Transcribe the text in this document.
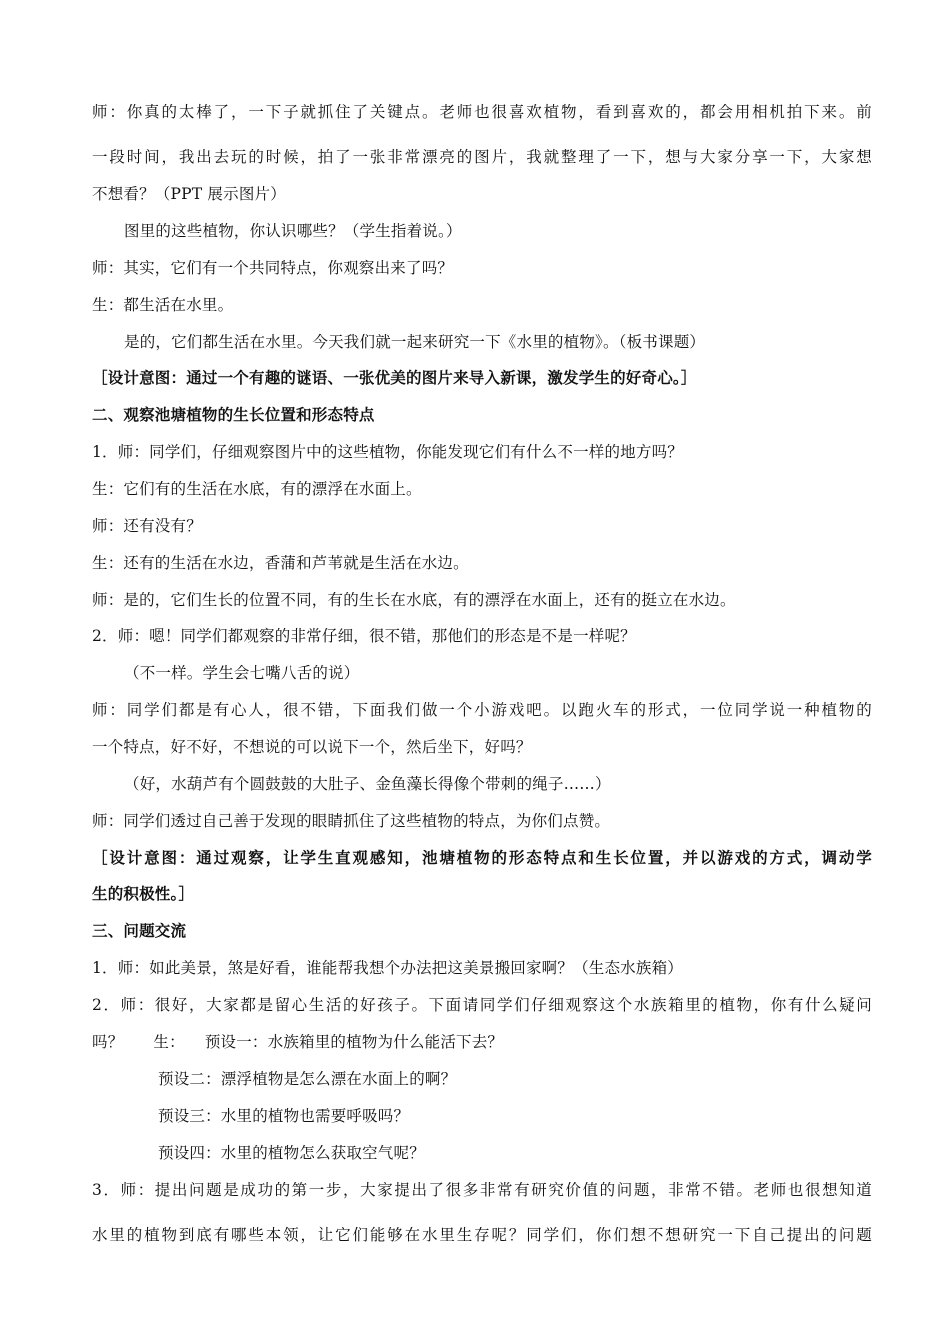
师：你真的太棒了，一下子就抓住了关键点。老师也很喜欢植物，看到喜欢的，都会用相机拍下来。前
一段时间，我出去玩的时候，拍了一张非常漂亮的图片，我就整理了一下，想与大家分享一下，大家想
不想看？（PPT 展示图片）
图里的这些植物，你认识哪些？（学生指着说。）
师：其实，它们有一个共同特点，你观察出来了吗？
生：都生活在水里。
是的，它们都生活在水里。今天我们就一起来研究一下《水里的植物》。（板书课题）
［设计意图：通过一个有趣的谜语、一张优美的图片来导入新课，激发学生的好奇心。］
二、观察池塘植物的生长位置和形态特点
1．师：同学们，仔细观察图片中的这些植物，你能发现它们有什么不一样的地方吗？
生：它们有的生活在水底，有的漂浮在水面上。
师：还有没有？
生：还有的生活在水边，香蒲和芦苇就是生活在水边。
师：是的，它们生长的位置不同，有的生长在水底，有的漂浮在水面上，还有的挺立在水边。
2．师：嗯！同学们都观察的非常仔细，很不错，那他们的形态是不是一样呢？
（不一样。学生会七嘴八舌的说）
师：同学们都是有心人，很不错，下面我们做一个小游戏吧。以跑火车的形式，一位同学说一种植物的
一个特点，好不好，不想说的可以说下一个，然后坐下，好吗？
（好，水葫芦有个圆鼓鼓的大肚子、金鱼藻长得像个带刺的绳子……）
师：同学们透过自己善于发现的眼睛抓住了这些植物的特点，为你们点赞。
［设计意图：通过观察，让学生直观感知，池塘植物的形态特点和生长位置，并以游戏的方式，调动学
生的积极性。］
三、问题交流
1．师：如此美景，煞是好看，谁能帮我想个办法把这美景搬回家啊？（生态水族箱）
2．师：很好，大家都是留心生活的好孩子。下面请同学们仔细观察这个水族箱里的植物，你有什么疑问
吗？ 生： 预设一：水族箱里的植物为什么能活下去？
预设二：漂浮植物是怎么漂在水面上的啊？
预设三：水里的植物也需要呼吸吗？
预设四：水里的植物怎么获取空气呢？
3．师：提出问题是成功的第一步，大家提出了很多非常有研究价值的问题，非常不错。老师也很想知道
水里的植物到底有哪些本领，让它们能够在水里生存呢？同学们，你们想不想研究一下自己提出的问题
